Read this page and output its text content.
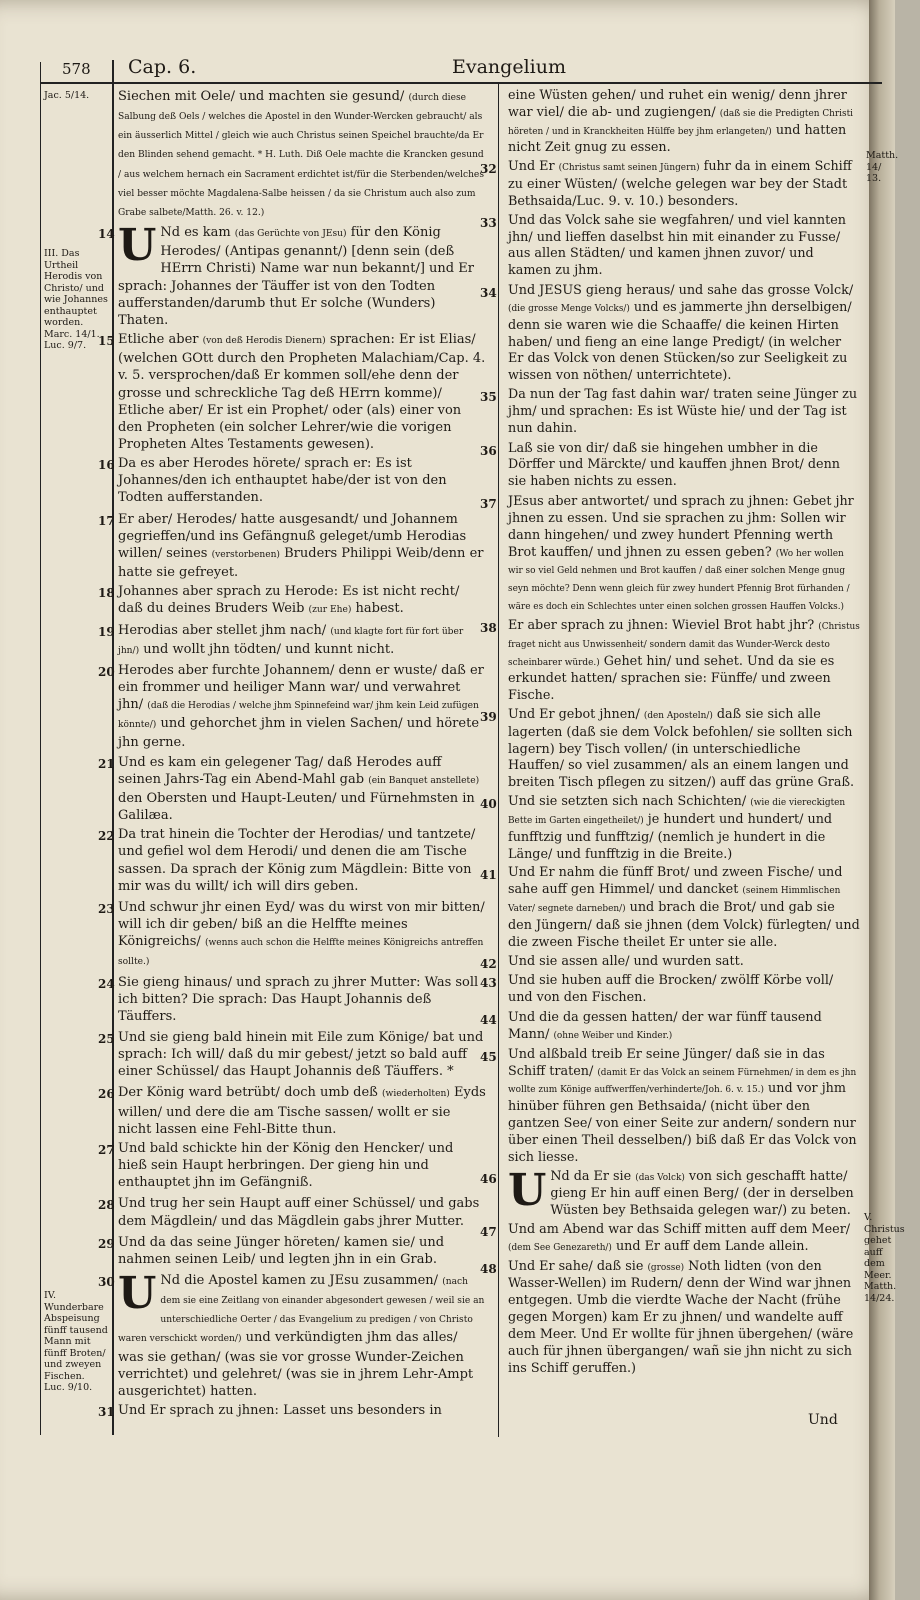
578 Cap. 6.	Evangelium
Jac. 5/14.
III. Das Urtheil Herodis von Christo/ und wie Johannes enthauptet worden. Marc. 14/1. Luc. 9/7.
IV. Wunderbare Abspeisung fünff tausend Mann mit fünff Broten/ und zweyen Fischen. Luc. 9/10.
Matth. 14/ 13.
V. Christus gehet auff dem Meer. Matth. 14/24.

Siechen mit Oele/ und machten sie gesund/ (durch diese Salbung deß Oels / welches die Apostel in den Wunder-Wercken gebraucht/ als ein äusserlich Mittel / gleich wie auch Christus seinen Speichel brauchte/da Er den Blinden sehend gemacht. * H. Luth. Diß Oele machte die Krancken gesund / aus welchem hernach ein Sacrament erdichtet ist/für die Sterbenden/welches viel besser möchte Magdalena-Salbe heissen / da sie Christum auch also zum Grabe salbete/Matth. 26. v. 12.)

14 U Nd es kam (das Gerüchte von JEsu) für den König Herodes/ (Antipas genannt/) [denn sein (deß HErrn Christi) Name war nun bekannt/] und Er sprach: Johannes der Täuffer ist von den Todten aufferstanden/darumb thut Er solche (Wunders) Thaten.

15 Etliche aber (von deß Herodis Dienern) sprachen: Er ist Elias/ (welchen GOtt durch den Propheten Malachiam/Cap. 4. v. 5. versprochen/daß Er kommen soll/ehe denn der grosse und schreckliche Tag deß HErrn komme)/ Etliche aber/ Er ist ein Prophet/ oder (als) einer von den Propheten (ein solcher Lehrer/wie die vorigen Propheten Altes Testaments gewesen).

16 Da es aber Herodes hörete/ sprach er: Es ist Johannes/den ich enthauptet habe/der ist von den Todten aufferstanden.

17 Er aber/ Herodes/ hatte ausgesandt/ und Johannem gegrieffen/und ins Gefängnuß geleget/umb Herodias willen/ seines (verstorbenen) Bruders Philippi Weib/denn er hatte sie gefreyet.

18 Johannes aber sprach zu Herode: Es ist nicht recht/ daß du deines Bruders Weib (zur Ehe) habest.

19 Herodias aber stellet jhm nach/ (und klagte fort für fort über jhn/) und wollt jhn tödten/ und kunnt nicht.

20 Herodes aber furchte Johannem/ denn er wuste/ daß er ein frommer und heiliger Mann war/ und verwahret jhn/ (daß die Herodias / welche jhm Spinnefeind war/ jhm kein Leid zufügen könnte/) und gehorchet jhm in vielen Sachen/ und hörete jhn gerne.

21 Und es kam ein gelegener Tag/ daß Herodes auff seinen Jahrs-Tag ein Abend-Mahl gab (ein Banquet anstellete) den Obersten und Haupt-Leuten/ und Fürnehmsten in Galilæa.

22 Da trat hinein die Tochter der Herodias/ und tantzete/ und gefiel wol dem Herodi/ und denen die am Tische sassen. Da sprach der König zum Mägdlein: Bitte von mir was du willt/ ich will dirs geben.

23 Und schwur jhr einen Eyd/ was du wirst von mir bitten/ will ich dir geben/ biß an die Helffte meines Königreichs/ (wenns auch schon die Helffte meines Königreichs antreffen sollte.)

24 Sie gieng hinaus/ und sprach zu jhrer Mutter: Was soll ich bitten? Die sprach: Das Haupt Johannis deß Täuffers.

25 Und sie gieng bald hinein mit Eile zum Könige/ bat und sprach: Ich will/ daß du mir gebest/ jetzt so bald auff einer Schüssel/ das Haupt Johannis deß Täuffers. *

26 Der König ward betrübt/ doch umb deß (wiederholten) Eyds willen/ und dere die am Tische sassen/ wollt er sie nicht lassen eine Fehl-Bitte thun.

27 Und bald schickte hin der König den Hencker/ und hieß sein Haupt herbringen. Der gieng hin und enthauptet jhn im Gefängniß.

28 Und trug her sein Haupt auff einer Schüssel/ und gabs dem Mägdlein/ und das Mägdlein gabs jhrer Mutter.

29 Und da das seine Jünger höreten/ kamen sie/ und nahmen seinen Leib/ und legten jhn in ein Grab.

30 U Nd die Apostel kamen zu JEsu zusammen/ (nach dem sie eine Zeitlang von einander abgesondert gewesen / weil sie an unterschiedliche Oerter / das Evangelium zu predigen / von Christo waren verschickt worden/) und verkündigten jhm das alles/ was sie gethan/ (was sie vor grosse Wunder-Zeichen verrichtet) und gelehret/ (was sie in jhrem Lehr-Ampt ausgerichtet) hatten.

31 Und Er sprach zu jhnen: Lasset uns besonders in

eine Wüsten gehen/ und ruhet ein wenig/ denn jhrer war viel/ die ab- und zugiengen/ (daß sie die Predigten Christi höreten / und in Kranckheiten Hülffe bey jhm erlangeten/) und hatten nicht Zeit gnug zu essen.

32 Und Er (Christus samt seinen Jüngern) fuhr da in einem Schiff zu einer Wüsten/ (welche gelegen war bey der Stadt Bethsaida/Luc. 9. v. 10.) besonders.

33 Und das Volck sahe sie wegfahren/ und viel kannten jhn/ und lieffen daselbst hin mit einander zu Fusse/ aus allen Städten/ und kamen jhnen zuvor/ und kamen zu jhm.

34 Und JESUS gieng heraus/ und sahe das grosse Volck/ (die grosse Menge Volcks/) und es jammerte jhn derselbigen/ denn sie waren wie die Schaaffe/ die keinen Hirten haben/ und fieng an eine lange Predigt/ (in welcher Er das Volck von denen Stücken/so zur Seeligkeit zu wissen von nöthen/ unterrichtete).

35 Da nun der Tag fast dahin war/ traten seine Jünger zu jhm/ und sprachen: Es ist Wüste hie/ und der Tag ist nun dahin.

36 Laß sie von dir/ daß sie hingehen umbher in die Dörffer und Märckte/ und kauffen jhnen Brot/ denn sie haben nichts zu essen.

37 JEsus aber antwortet/ und sprach zu jhnen: Gebet jhr jhnen zu essen. Und sie sprachen zu jhm: Sollen wir dann hingehen/ und zwey hundert Pfenning werth Brot kauffen/ und jhnen zu essen geben? (Wo her wollen wir so viel Geld nehmen und Brot kauffen / daß einer solchen Menge gnug seyn möchte? Denn wenn gleich für zwey hundert Pfennig Brot fürhanden / wäre es doch ein Schlechtes unter einen solchen grossen Hauffen Volcks.)

38 Er aber sprach zu jhnen: Wieviel Brot habt jhr? (Christus fraget nicht aus Unwissenheit/ sondern damit das Wunder-Werck desto scheinbarer würde.) Gehet hin/ und sehet. Und da sie es erkundet hatten/ sprachen sie: Fünffe/ und zween Fische.

39 Und Er gebot jhnen/ (den Aposteln/) daß sie sich alle lagerten (daß sie dem Volck befohlen/ sie sollten sich lagern) bey Tisch vollen/ (in unterschiedliche Hauffen/ so viel zusammen/ als an einem langen und breiten Tisch pflegen zu sitzen/) auff das grüne Graß.

40 Und sie setzten sich nach Schichten/ (wie die viereckigten Bette im Garten eingetheilet/) je hundert und hundert/ und funfftzig und funfftzig/ (nemlich je hundert in die Länge/ und funfftzig in die Breite.)

41 Und Er nahm die fünff Brot/ und zween Fische/ und sahe auff gen Himmel/ und dancket (seinem Himmlischen Vater/ segnete darneben/) und brach die Brot/ und gab sie den Jüngern/ daß sie jhnen (dem Volck) fürlegten/ und die zween Fische theilet Er unter sie alle.

42 Und sie assen alle/ und wurden satt.

43 Und sie huben auff die Brocken/ zwölff Körbe voll/ und von den Fischen.

44 Und die da gessen hatten/ der war fünff tausend Mann/ (ohne Weiber und Kinder.)

45 Und alßbald treib Er seine Jünger/ daß sie in das Schiff traten/ (damit Er das Volck an seinem Fürnehmen/ in dem es jhn wollte zum Könige auffwerffen/verhinderte/Joh. 6. v. 15.) und vor jhm hinüber führen gen Bethsaida/ (nicht über den gantzen See/ von einer Seite zur andern/ sondern nur über einen Theil desselben/) biß daß Er das Volck von sich liesse.

46 U Nd da Er sie (das Volck) von sich geschafft hatte/ gieng Er hin auff einen Berg/ (der in derselben Wüsten bey Bethsaida gelegen war/) zu beten.

47 Und am Abend war das Schiff mitten auff dem Meer/ (dem See Genezareth/) und Er auff dem Lande allein.

48 Und Er sahe/ daß sie (grosse) Noth lidten (von den Wasser-Wellen) im Rudern/ denn der Wind war jhnen entgegen. Umb die vierdte Wache der Nacht (frühe gegen Morgen) kam Er zu jhnen/ und wandelte auff dem Meer. Und Er wollte für jhnen übergehen/ (wäre auch für jhnen übergangen/ wañ sie jhn nicht zu sich ins Schiff geruffen.)

Und
